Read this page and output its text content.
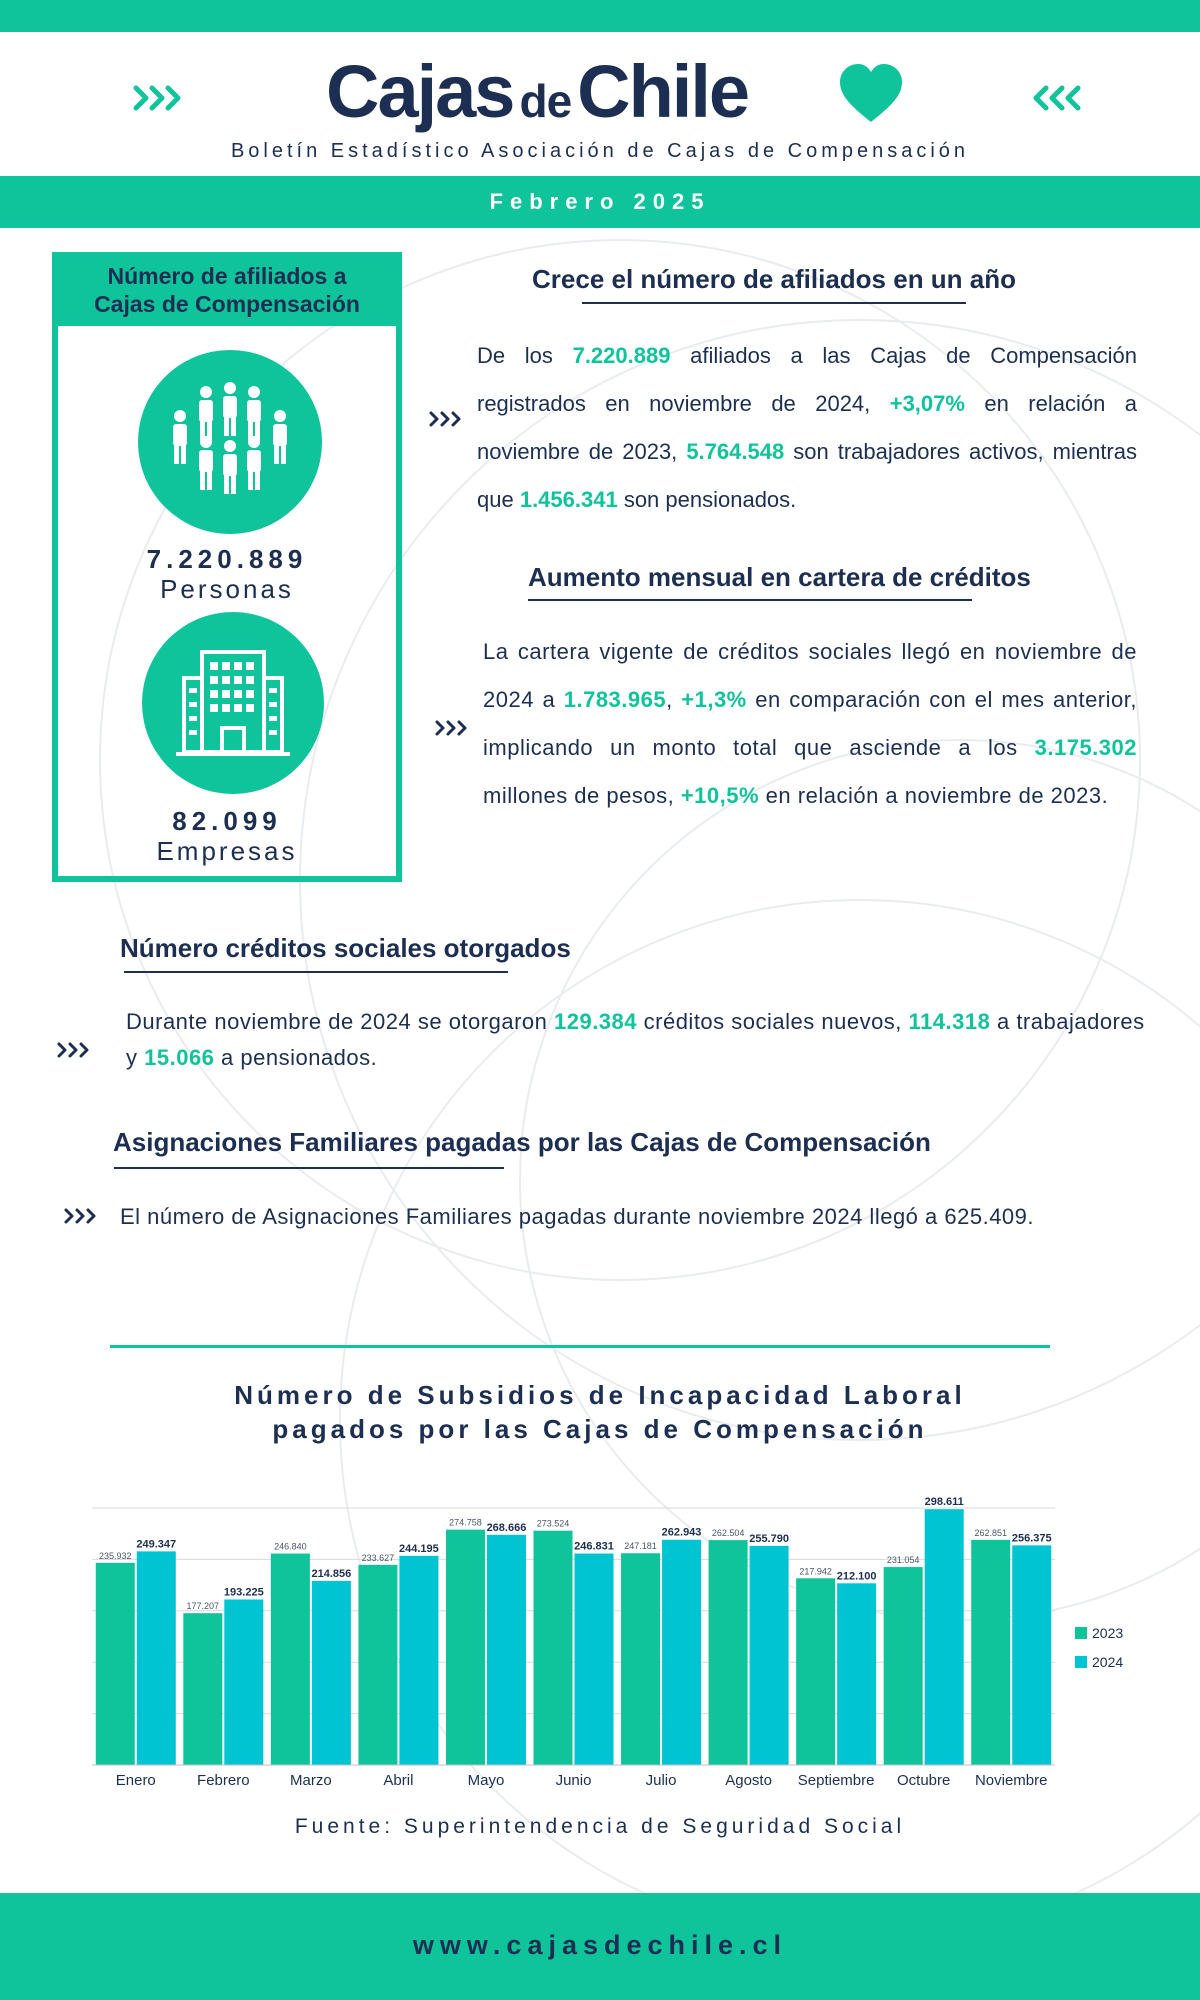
Cajas deChile
Boletín Estadístico Asociación de Cajas de Compensación
Febrero 2025
Número de afiliados a
Cajas de Compensación
7.220.889
Personas
82.099
Empresas
Crece el número de afiliados en un año
De los 7.220.889 afiliados a las Cajas de Compensación registrados en noviembre de 2024, +3,07% en relación a noviembre de 2023, 5.764.548 son trabajadores activos, mientras que 1.456.341 son pensionados.
Aumento mensual en cartera de créditos
La cartera vigente de créditos sociales llegó en noviembre de 2024 a 1.783.965, +1,3% en comparación con el mes anterior, implicando un monto total que asciende a los 3.175.302 millones de pesos, +10,5% en relación a noviembre de 2023.
Número créditos sociales otorgados
Durante noviembre de 2024 se otorgaron 129.384 créditos sociales nuevos, 114.318 a trabajadores y 15.066 a pensionados.
Asignaciones Familiares pagadas por las Cajas de Compensación
El número de Asignaciones Familiares pagadas durante noviembre 2024 llegó a 625.409.
Número de Subsidios de Incapacidad Laboral
pagados por las Cajas de Compensación
235.932
249.347
Enero
177.207
193.225
Febrero
246.840
214.856
Marzo
233.627
244.195
Abril
274.758 268.666
Mayo
273.524
246.831
Junio
247.181
262.943
Julio
262.504 255.790
Agosto
217.942 212.100
Septiembre
231.054
298.611
Octubre
262.851 256.375
Noviembre
2023
2024
Fuente: Superintendencia de Seguridad Social
www.cajasdechile.cl
